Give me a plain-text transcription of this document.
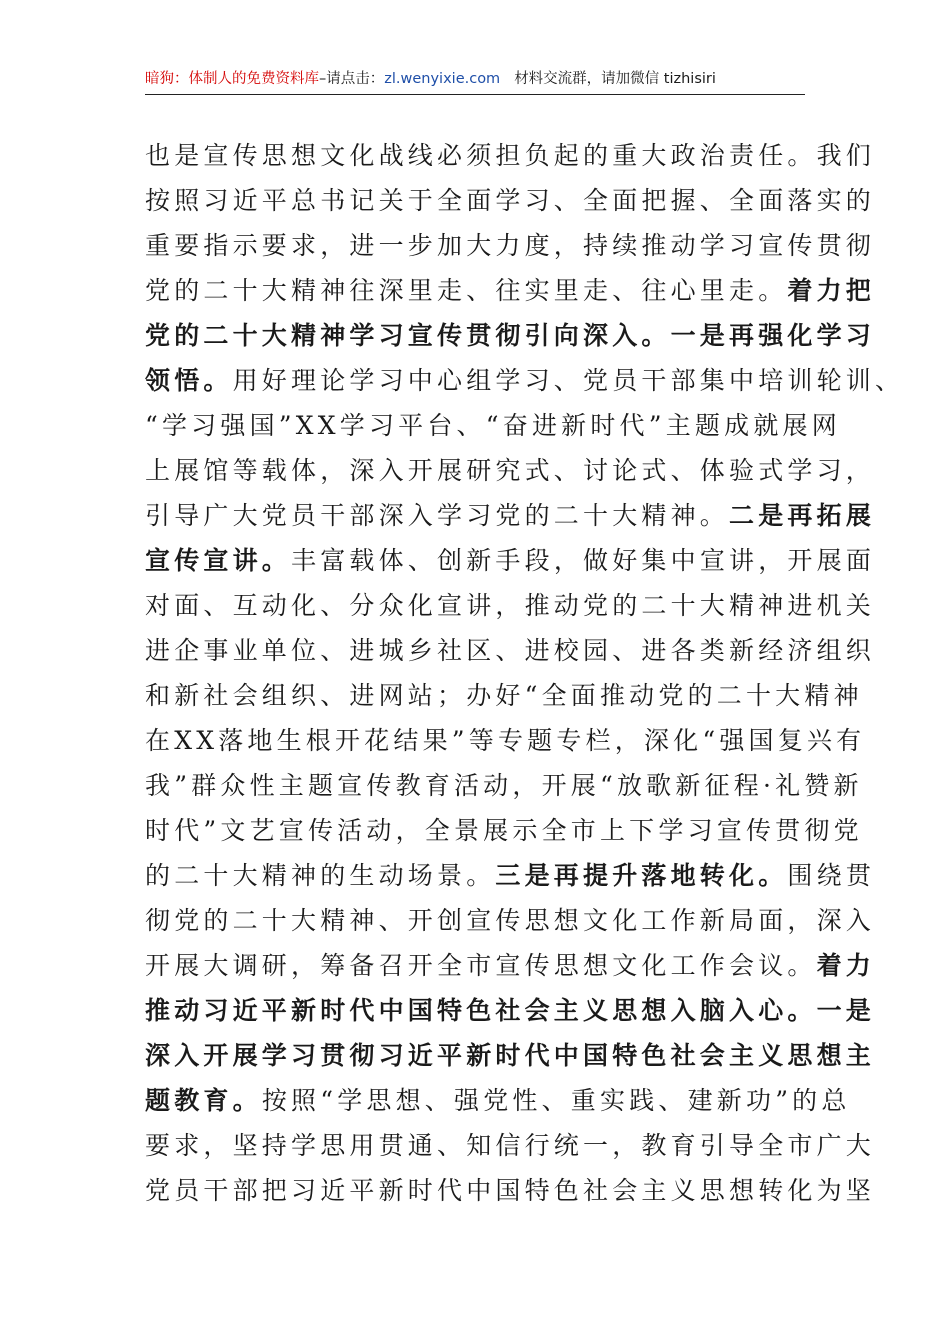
暗狗：体制人的免费资料库–请点击：zl.wenyixie.com 材料交流群，请加微信 tizhisiri
也是宣传思想文化战线必须担负起的重大政治责任。我们
按照习近平总书记关于全面学习、全面把握、全面落实的
重要指示要求，进一步加大力度，持续推动学习宣传贯彻
党的二十大精神往深里走、往实里走、往心里走。着力把
党的二十大精神学习宣传贯彻引向深入。一是再强化学习
领悟。用好理论学习中心组学习、党员干部集中培训轮训、
“学习强国”XX学习平台、“奋进新时代”主题成就展网
上展馆等载体，深入开展研究式、讨论式、体验式学习，
引导广大党员干部深入学习党的二十大精神。二是再拓展
宣传宣讲。丰富载体、创新手段，做好集中宣讲，开展面
对面、互动化、分众化宣讲，推动党的二十大精神进机关
进企事业单位、进城乡社区、进校园、进各类新经济组织
和新社会组织、进网站；办好“全面推动党的二十大精神
在XX落地生根开花结果”等专题专栏，深化“强国复兴有
我”群众性主题宣传教育活动，开展“放歌新征程·礼赞新
时代”文艺宣传活动，全景展示全市上下学习宣传贯彻党
的二十大精神的生动场景。三是再提升落地转化。围绕贯
彻党的二十大精神、开创宣传思想文化工作新局面，深入
开展大调研，筹备召开全市宣传思想文化工作会议。着力
推动习近平新时代中国特色社会主义思想入脑入心。一是
深入开展学习贯彻习近平新时代中国特色社会主义思想主
题教育。按照“学思想、强党性、重实践、建新功”的总
要求，坚持学思用贯通、知信行统一，教育引导全市广大
党员干部把习近平新时代中国特色社会主义思想转化为坚
